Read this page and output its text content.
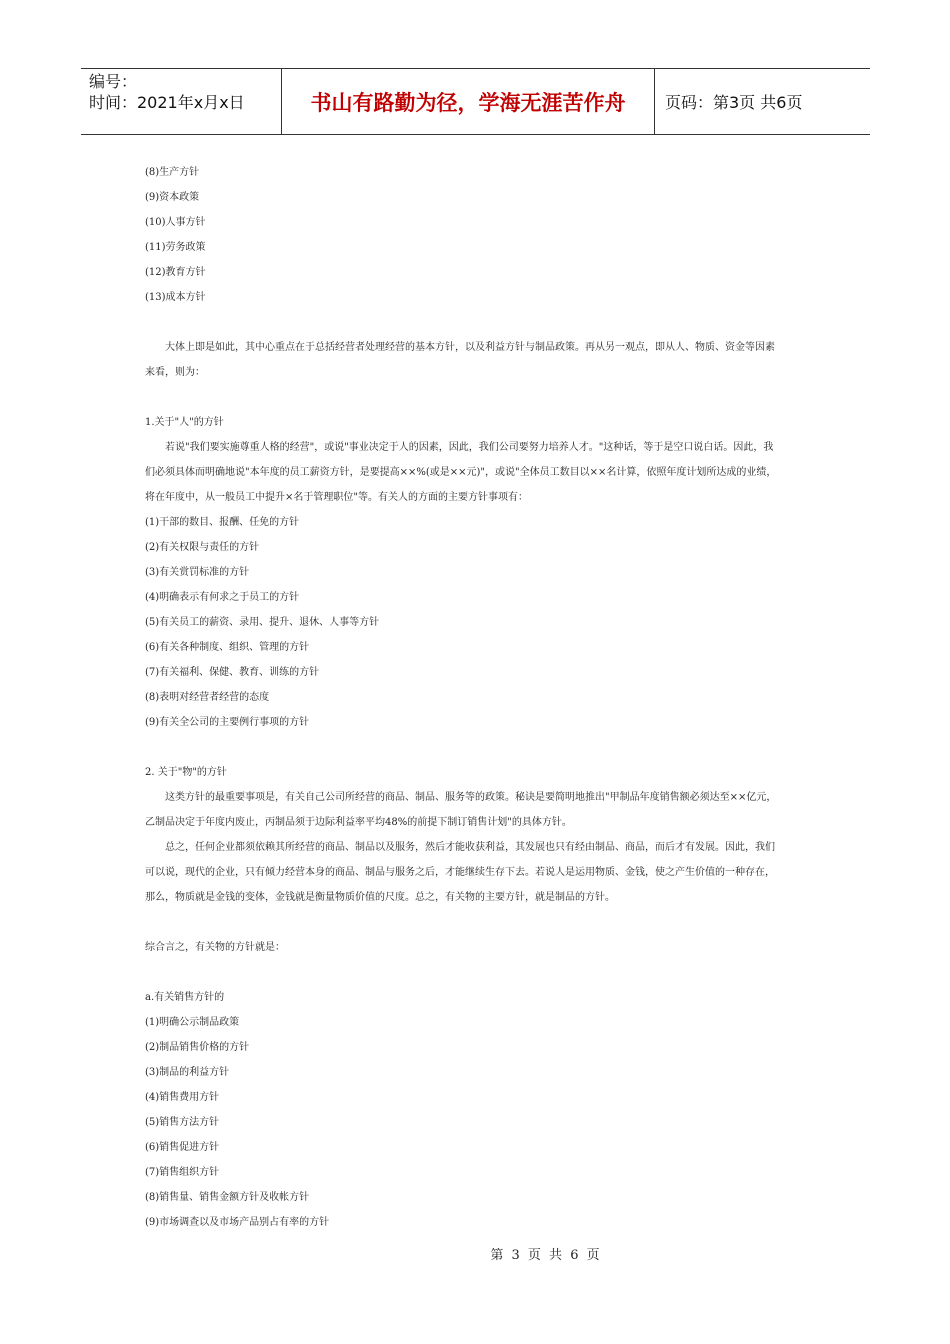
编号：
时间：2021年x月x日	书山有路勤为径，学海无涯苦作舟	页码：第3页 共6页
(8)生产方针
(9)资本政策
(10)人事方针
(11)劳务政策
(12)教育方针
(13)成本方针
大体上即是如此，其中心重点在于总括经营者处理经营的基本方针，以及利益方针与制品政策。再从另一观点，即从人、物质、资金等因素
来看，则为：
1.关于"人"的方针
若说"我们要实施尊重人格的经营"，或说"事业决定于人的因素，因此，我们公司要努力培养人才。"这种话，等于是空口说白话。因此，我
们必须具体而明确地说"本年度的员工薪资方针，是要提高××%(或是××元)"，或说"全体员工数目以××名计算，依照年度计划所达成的业绩，
将在年度中，从一般员工中提升×名于管理职位"等。有关人的方面的主要方针事项有：
(1)干部的数目、报酬、任免的方针
(2)有关权限与责任的方针
(3)有关赏罚标准的方针
(4)明确表示有何求之于员工的方针
(5)有关员工的薪资、录用、提升、退休、人事等方针
(6)有关各种制度、组织、管理的方针
(7)有关福利、保健、教育、训练的方针
(8)表明对经营者经营的态度
(9)有关全公司的主要例行事项的方针
2. 关于"物"的方针
这类方针的最重要事项是，有关自己公司所经营的商品、制品、服务等的政策。秘诀是要简明地推出"甲制品年度销售额必须达至××亿元，
乙制品决定于年度内废止，丙制品须于边际利益率平均48%的前提下制订销售计划"的具体方针。
总之，任何企业都须依赖其所经营的商品、制品以及服务，然后才能收获利益，其发展也只有经由制品、商品，而后才有发展。因此，我们
可以说，现代的企业，只有倾力经营本身的商品、制品与服务之后，才能继续生存下去。若说人是运用物质、金钱，使之产生价值的一种存在，
那么，物质就是金钱的变体，金钱就是衡量物质价值的尺度。总之，有关物的主要方针，就是制品的方针。
综合言之，有关物的方针就是：
a.有关销售方针的
(1)明确公示制品政策
(2)制品销售价格的方针
(3)制品的利益方针
(4)销售费用方针
(5)销售方法方针
(6)销售促进方针
(7)销售组织方针
(8)销售量、销售金额方针及收帐方针
(9)市场调查以及市场产品别占有率的方针
第 3 页 共 6 页
